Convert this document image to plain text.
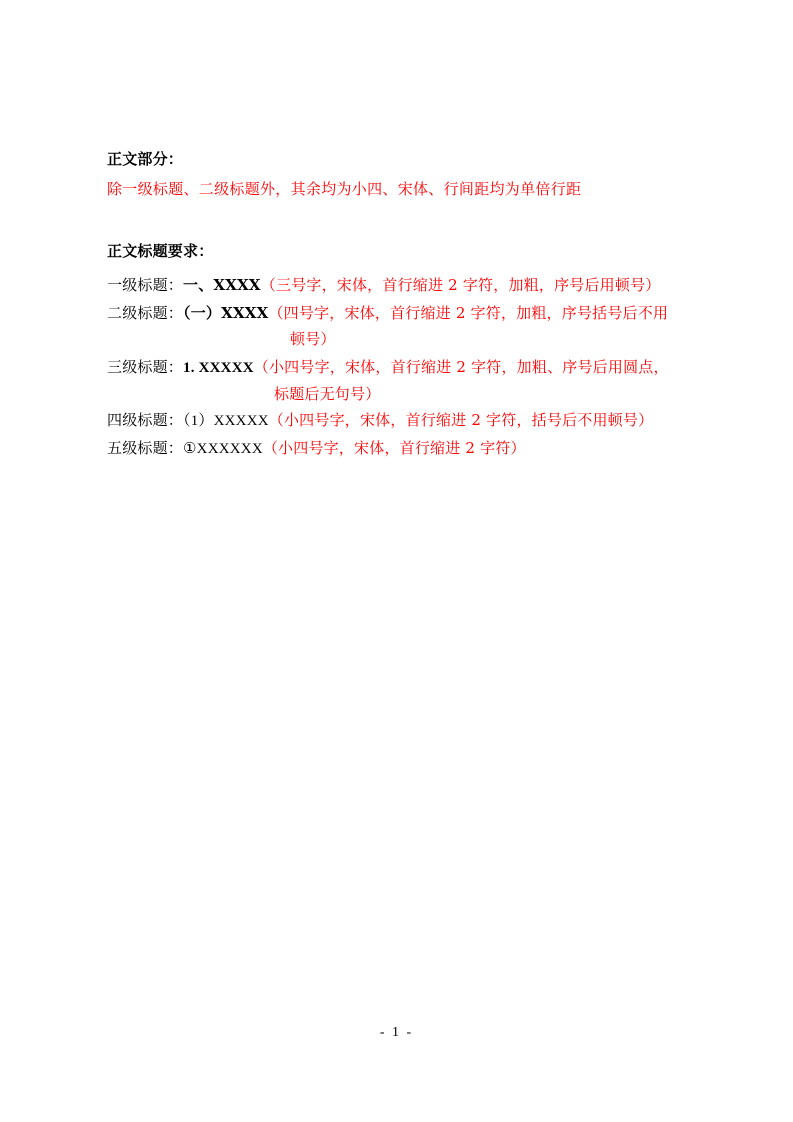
正文部分：
除一级标题、二级标题外，其余均为小四、宋体、行间距均为单倍行距
正文标题要求：
一级标题：一、XXXX（三号字，宋体，首行缩进 2 字符，加粗，序号后用顿号）
二级标题：（一）XXXX（四号字，宋体，首行缩进 2 字符，加粗，序号括号后不用
顿号）
三级标题：1. XXXXX（小四号字，宋体，首行缩进 2 字符，加粗、序号后用圆点，
标题后无句号）
四级标题：（1）XXXXX（小四号字，宋体，首行缩进 2 字符，括号后不用顿号）
五级标题：①XXXXXX（小四号字，宋体，首行缩进 2 字符）
- 1 -
